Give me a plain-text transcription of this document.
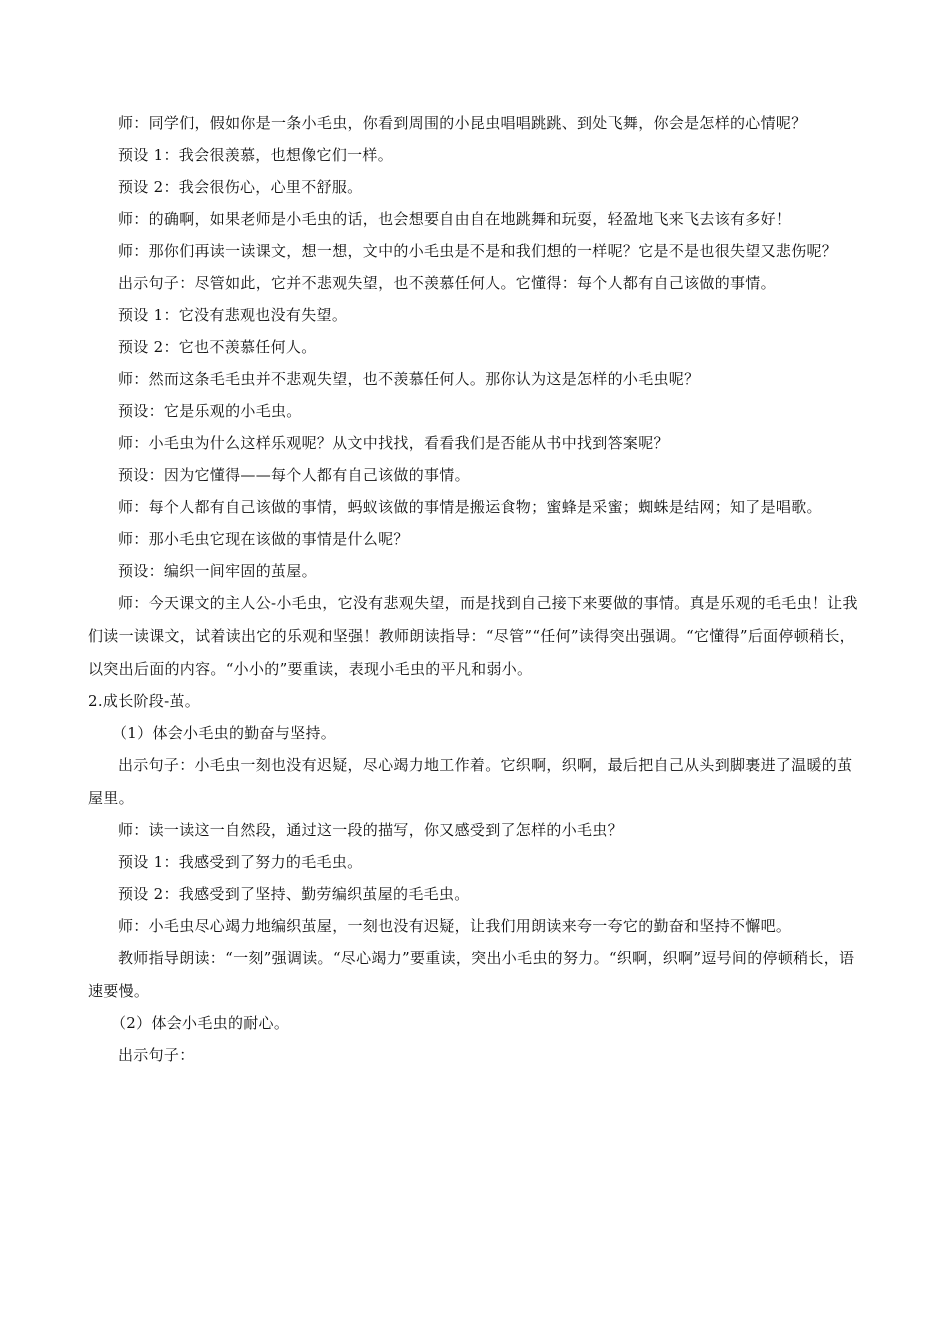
师：同学们，假如你是一条小毛虫，你看到周围的小昆虫唱唱跳跳、到处飞舞，你会是怎样的心情呢？

预设 1：我会很羡慕，也想像它们一样。

预设 2：我会很伤心，心里不舒服。

师：的确啊，如果老师是小毛虫的话，也会想要自由自在地跳舞和玩耍，轻盈地飞来飞去该有多好！

师：那你们再读一读课文，想一想，文中的小毛虫是不是和我们想的一样呢？它是不是也很失望又悲伤呢？

出示句子：尽管如此，它并不悲观失望，也不羡慕任何人。它懂得：每个人都有自己该做的事情。

预设 1：它没有悲观也没有失望。

预设 2：它也不羡慕任何人。

师：然而这条毛毛虫并不悲观失望，也不羡慕任何人。那你认为这是怎样的小毛虫呢？

预设：它是乐观的小毛虫。

师：小毛虫为什么这样乐观呢？从文中找找，看看我们是否能从书中找到答案呢？

预设：因为它懂得——每个人都有自己该做的事情。

师：每个人都有自己该做的事情，蚂蚁该做的事情是搬运食物；蜜蜂是采蜜；蜘蛛是结网；知了是唱歌。

师：那小毛虫它现在该做的事情是什么呢？

预设：编织一间牢固的茧屋。

师：今天课文的主人公-小毛虫，它没有悲观失望，而是找到自己接下来要做的事情。真是乐观的毛毛虫！让我们读一读课文，试着读出它的乐观和坚强！教师朗读指导：“尽管”“任何”读得突出强调。“它懂得”后面停顿稍长，以突出后面的内容。“小小的”要重读，表现小毛虫的平凡和弱小。

2.成长阶段-茧。

（1）体会小毛虫的勤奋与坚持。

出示句子：小毛虫一刻也没有迟疑，尽心竭力地工作着。它织啊，织啊，最后把自己从头到脚裹进了温暖的茧屋里。

师：读一读这一自然段，通过这一段的描写，你又感受到了怎样的小毛虫？

预设 1：我感受到了努力的毛毛虫。

预设 2：我感受到了坚持、勤劳编织茧屋的毛毛虫。

师：小毛虫尽心竭力地编织茧屋，一刻也没有迟疑，让我们用朗读来夸一夸它的勤奋和坚持不懈吧。

教师指导朗读：“一刻”强调读。“尽心竭力”要重读，突出小毛虫的努力。“织啊，织啊”逗号间的停顿稍长，语速要慢。

（2）体会小毛虫的耐心。

出示句子：
